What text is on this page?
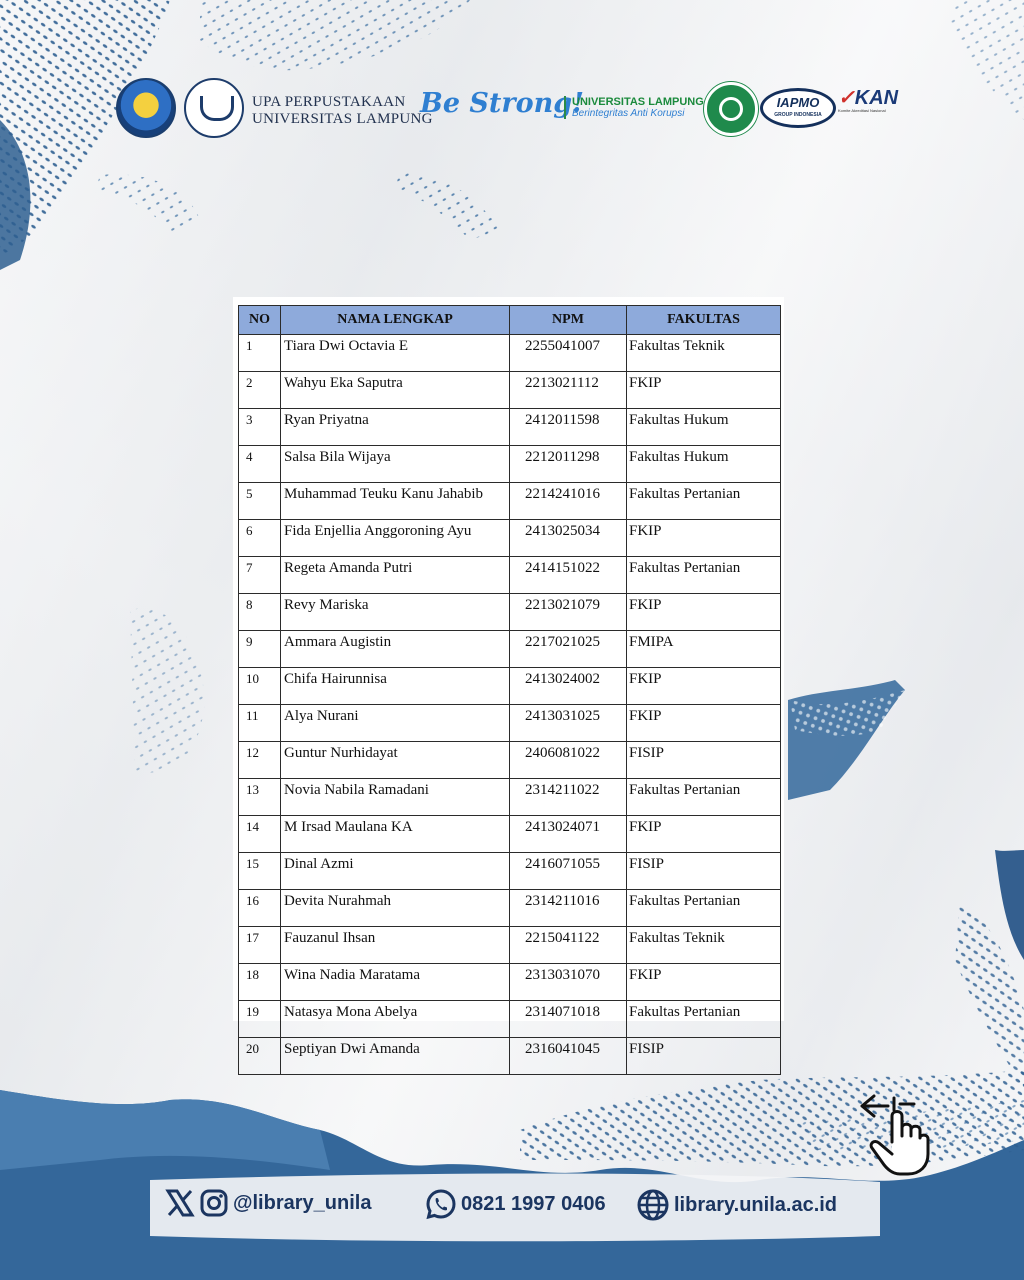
UPA PERPUSTAKAAN
UNIVERSITAS LAMPUNG
Be Strong!
UNIVERSITAS LAMPUNG
Berintegritas Anti Korupsi
IAPMO
GROUP INDONESIA
✓KAN
Komite Akreditasi Nasional
NO	NAMA LENGKAP	NPM	FAKULTAS
1	Tiara Dwi Octavia E	2255041007	Fakultas Teknik
2	Wahyu Eka Saputra	2213021112	FKIP
3	Ryan Priyatna	2412011598	Fakultas Hukum
4	Salsa Bila Wijaya	2212011298	Fakultas Hukum
5	Muhammad Teuku Kanu Jahabib	2214241016	Fakultas Pertanian
6	Fida Enjellia Anggoroning Ayu	2413025034	FKIP
7	Regeta Amanda Putri	2414151022	Fakultas Pertanian
8	Revy Mariska	2213021079	FKIP
9	Ammara Augistin	2217021025	FMIPA
10	Chifa Hairunnisa	2413024002	FKIP
11	Alya Nurani	2413031025	FKIP
12	Guntur Nurhidayat	2406081022	FISIP
13	Novia Nabila Ramadani	2314211022	Fakultas Pertanian
14	M Irsad Maulana KA	2413024071	FKIP
15	Dinal Azmi	2416071055	FISIP
16	Devita Nurahmah	2314211016	Fakultas Pertanian
17	Fauzanul Ihsan	2215041122	Fakultas Teknik
18	Wina Nadia Maratama	2313031070	FKIP
19	Natasya Mona Abelya	2314071018	Fakultas Pertanian
20	Septiyan Dwi Amanda	2316041045	FISIP
@library_unila	0821 1997 0406	library.unila.ac.id
